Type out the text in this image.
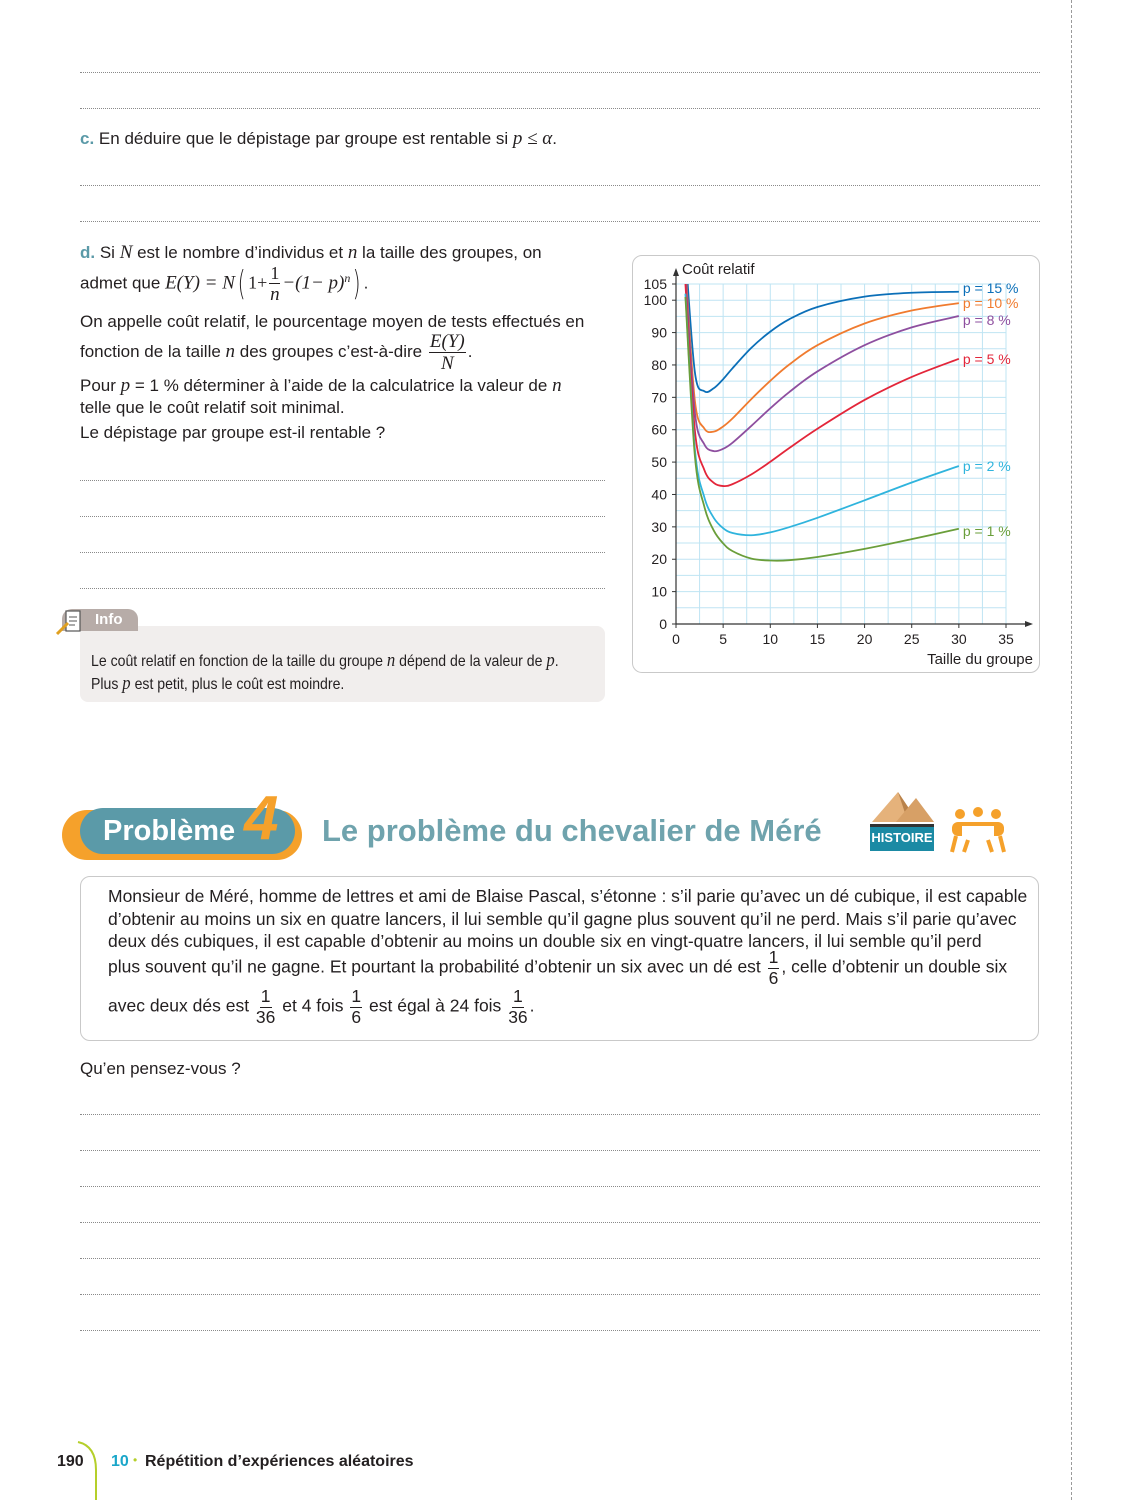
c. En déduire que le dépistage par groupe est rentable si p ≤ α.
d. Si N est le nombre d’individus et n la taille des groupes, on
admet que E(Y) = N( $1+ \frac{1}{n} -(1- p)^n$) .
On appelle coût relatif, le pourcentage moyen de tests effectués en
fonction de la taille n des groupes c’est-à-dire $\frac{E(Y)}{N}$ .
Pour p = 1 % déterminer à l’aide de la calculatrice la valeur de n
telle que le coût relatif soit minimal.
Le dépistage par groupe est-il rentable ?
Le coût relatif en fonction de la taille du groupe n dépend de la valeur de p.
Plus p est petit, plus le coût est moindre.
Info
0	5	10 15 20 25 30 35
0
10
20
30
40
50
60
70
80
90
100
105
Coût relatif
Taille du groupe
p = 15 %
p = 10 %
p = 8 %
p = 5 %
p = 2 %
p = 1 %
Problème 4 Le problème du chevalier de Méré	HISTOIRE
Monsieur de Méré, homme de lettres et ami de Blaise Pascal, s’étonne : s’il parie qu’avec un dé cubique, il est capable
d’obtenir au moins un six en quatre lancers, il lui semble qu’il gagne plus souvent qu’il ne perd. Mais s’il parie qu’avec
deux dés cubiques, il est capable d’obtenir au moins un double six en vingt-quatre lancers, il lui semble qu’il perd
plus souvent qu’il ne gagne. Et pourtant la probabilité d’obtenir un six avec un dé est $\frac{1}{6}$ , celle d’obtenir un double six
avec deux dés est $\frac{1}{36}$ et 4 fois $\frac{1}{6}$ est égal à 24 fois $\frac{1}{36}$ .
Qu’en pensez-vous ?
190 10 • Répétition d’expériences aléatoires
